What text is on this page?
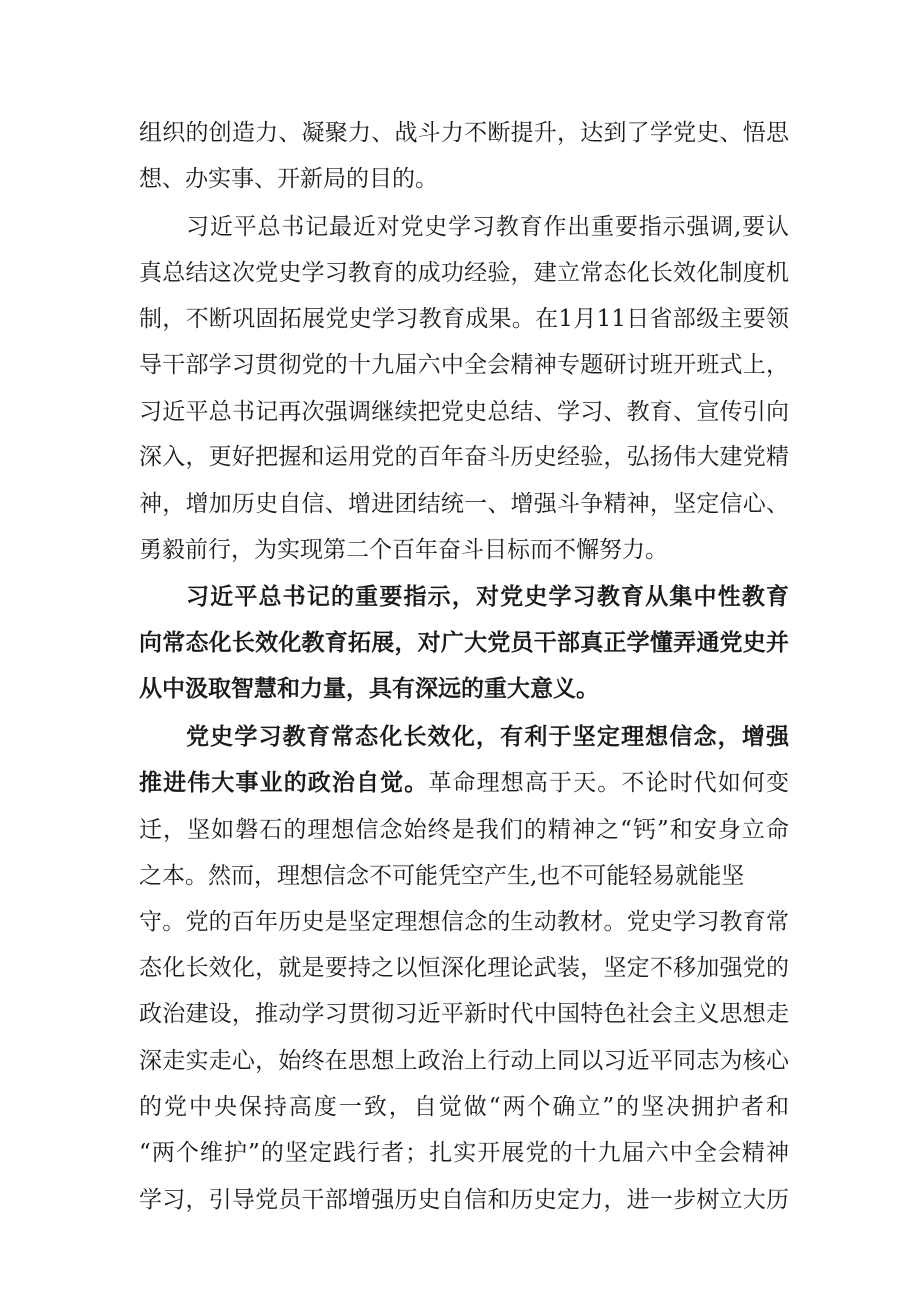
组织的创造力、凝聚力、战斗力不断提升，达到了学党史、悟思
想、办实事、开新局的目的。
习近平总书记最近对党史学习教育作出重要指示强调,要认
真总结这次党史学习教育的成功经验，建立常态化长效化制度机
制，不断巩固拓展党史学习教育成果。在1月11日省部级主要领
导干部学习贯彻党的十九届六中全会精神专题研讨班开班式上，
习近平总书记再次强调继续把党史总结、学习、教育、宣传引向
深入，更好把握和运用党的百年奋斗历史经验，弘扬伟大建党精
神，增加历史自信、增进团结统一、增强斗争精神，坚定信心、
勇毅前行，为实现第二个百年奋斗目标而不懈努力。
习近平总书记的重要指示，对党史学习教育从集中性教育
向常态化长效化教育拓展，对广大党员干部真正学懂弄通党史并
从中汲取智慧和力量，具有深远的重大意义。
党史学习教育常态化长效化，有利于坚定理想信念，增强
推进伟大事业的政治自觉。革命理想高于天。不论时代如何变
迁，坚如磐石的理想信念始终是我们的精神之“钙”和安身立命
之本。然而，理想信念不可能凭空产生,也不可能轻易就能坚
守。党的百年历史是坚定理想信念的生动教材。党史学习教育常
态化长效化，就是要持之以恒深化理论武装，坚定不移加强党的
政治建设，推动学习贯彻习近平新时代中国特色社会主义思想走
深走实走心，始终在思想上政治上行动上同以习近平同志为核心
的党中央保持高度一致，自觉做“两个确立”的坚决拥护者和
“两个维护”的坚定践行者；扎实开展党的十九届六中全会精神
学习，引导党员干部增强历史自信和历史定力，进一步树立大历
